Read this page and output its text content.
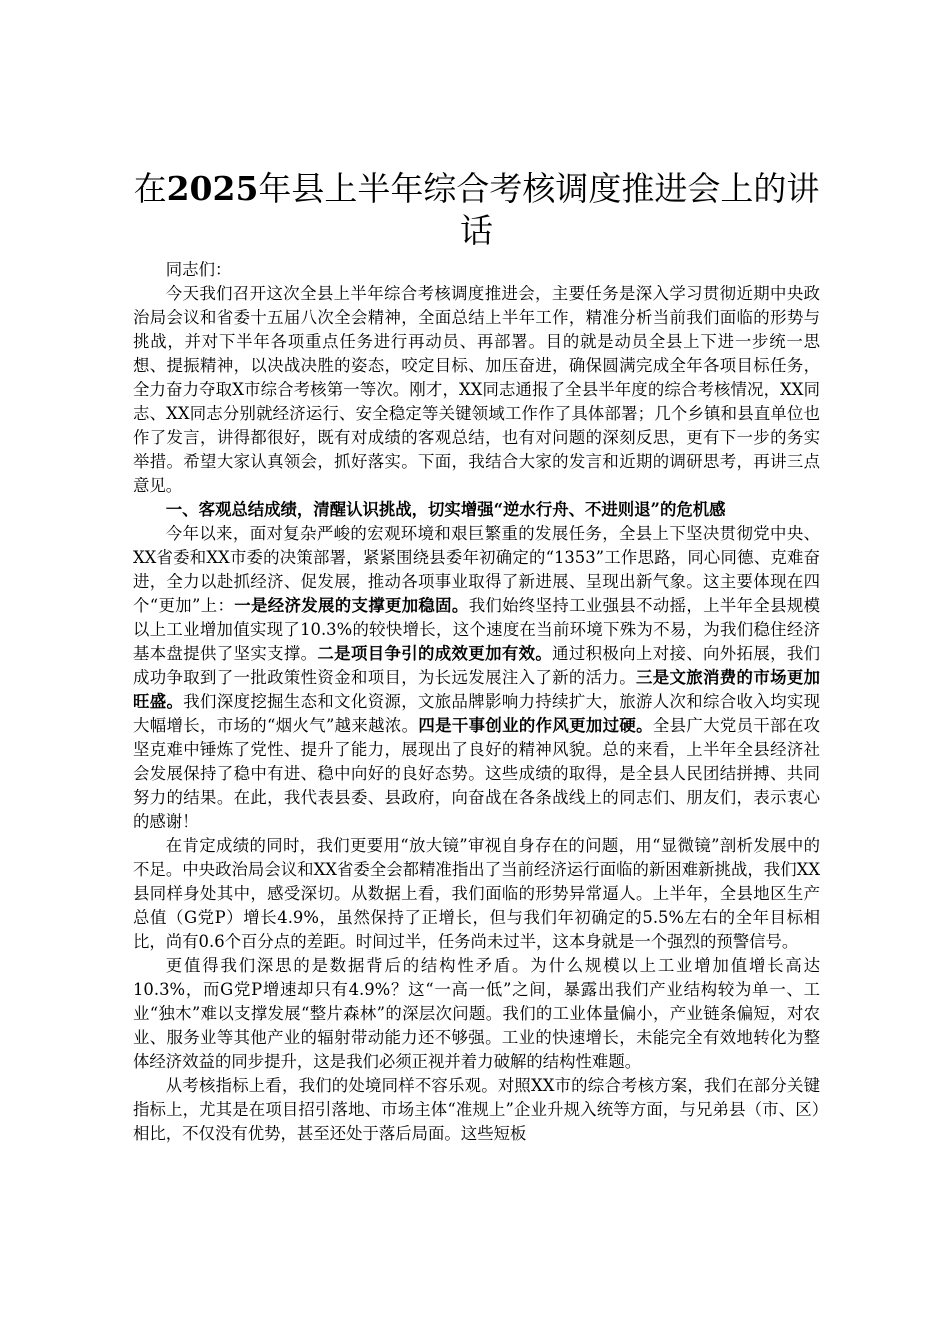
在2025年县上半年综合考核调度推进会上的讲话

同志们：

今天我们召开这次全县上半年综合考核调度推进会，主要任务是深入学习贯彻近期中央政治局会议和省委十五届八次全会精神，全面总结上半年工作，精准分析当前我们面临的形势与挑战，并对下半年各项重点任务进行再动员、再部署。目的就是动员全县上下进一步统一思想、提振精神，以决战决胜的姿态，咬定目标、加压奋进，确保圆满完成全年各项目标任务，全力奋力夺取X市综合考核第一等次。刚才，XX同志通报了全县半年度的综合考核情况，XX同志、XX同志分别就经济运行、安全稳定等关键领域工作作了具体部署；几个乡镇和县直单位也作了发言，讲得都很好，既有对成绩的客观总结，也有对问题的深刻反思，更有下一步的务实举措。希望大家认真领会，抓好落实。下面，我结合大家的发言和近期的调研思考，再讲三点意见。

一、客观总结成绩，清醒认识挑战，切实增强“逆水行舟、不进则退”的危机感

今年以来，面对复杂严峻的宏观环境和艰巨繁重的发展任务，全县上下坚决贯彻党中央、XX省委和XX市委的决策部署，紧紧围绕县委年初确定的“1353”工作思路，同心同德、克难奋进，全力以赴抓经济、促发展，推动各项事业取得了新进展、呈现出新气象。这主要体现在四个“更加”上：一是经济发展的支撑更加稳固。我们始终坚持工业强县不动摇，上半年全县规模以上工业增加值实现了10.3%的较快增长，这个速度在当前环境下殊为不易，为我们稳住经济基本盘提供了坚实支撑。二是项目争引的成效更加有效。通过积极向上对接、向外拓展，我们成功争取到了一批政策性资金和项目，为长远发展注入了新的活力。三是文旅消费的市场更加旺盛。我们深度挖掘生态和文化资源，文旅品牌影响力持续扩大，旅游人次和综合收入均实现大幅增长，市场的“烟火气”越来越浓。四是干事创业的作风更加过硬。全县广大党员干部在攻坚克难中锤炼了党性、提升了能力，展现出了良好的精神风貌。总的来看，上半年全县经济社会发展保持了稳中有进、稳中向好的良好态势。这些成绩的取得，是全县人民团结拼搏、共同努力的结果。在此，我代表县委、县政府，向奋战在各条战线上的同志们、朋友们，表示衷心的感谢！

在肯定成绩的同时，我们更要用“放大镜”审视自身存在的问题，用“显微镜”剖析发展中的不足。中央政治局会议和XX省委全会都精准指出了当前经济运行面临的新困难新挑战，我们XX县同样身处其中，感受深切。从数据上看，我们面临的形势异常逼人。上半年，全县地区生产总值（G党P）增长4.9%，虽然保持了正增长，但与我们年初确定的5.5%左右的全年目标相比，尚有0.6个百分点的差距。时间过半，任务尚未过半，这本身就是一个强烈的预警信号。

更值得我们深思的是数据背后的结构性矛盾。为什么规模以上工业增加值增长高达10.3%，而G党P增速却只有4.9%？这“一高一低”之间，暴露出我们产业结构较为单一、工业“独木”难以支撑发展“整片森林”的深层次问题。我们的工业体量偏小，产业链条偏短，对农业、服务业等其他产业的辐射带动能力还不够强。工业的快速增长，未能完全有效地转化为整体经济效益的同步提升，这是我们必须正视并着力破解的结构性难题。

从考核指标上看，我们的处境同样不容乐观。对照XX市的综合考核方案，我们在部分关键指标上，尤其是在项目招引落地、市场主体“准规上”企业升规入统等方面，与兄弟县（市、区）相比，不仅没有优势，甚至还处于落后局面。这些短板
